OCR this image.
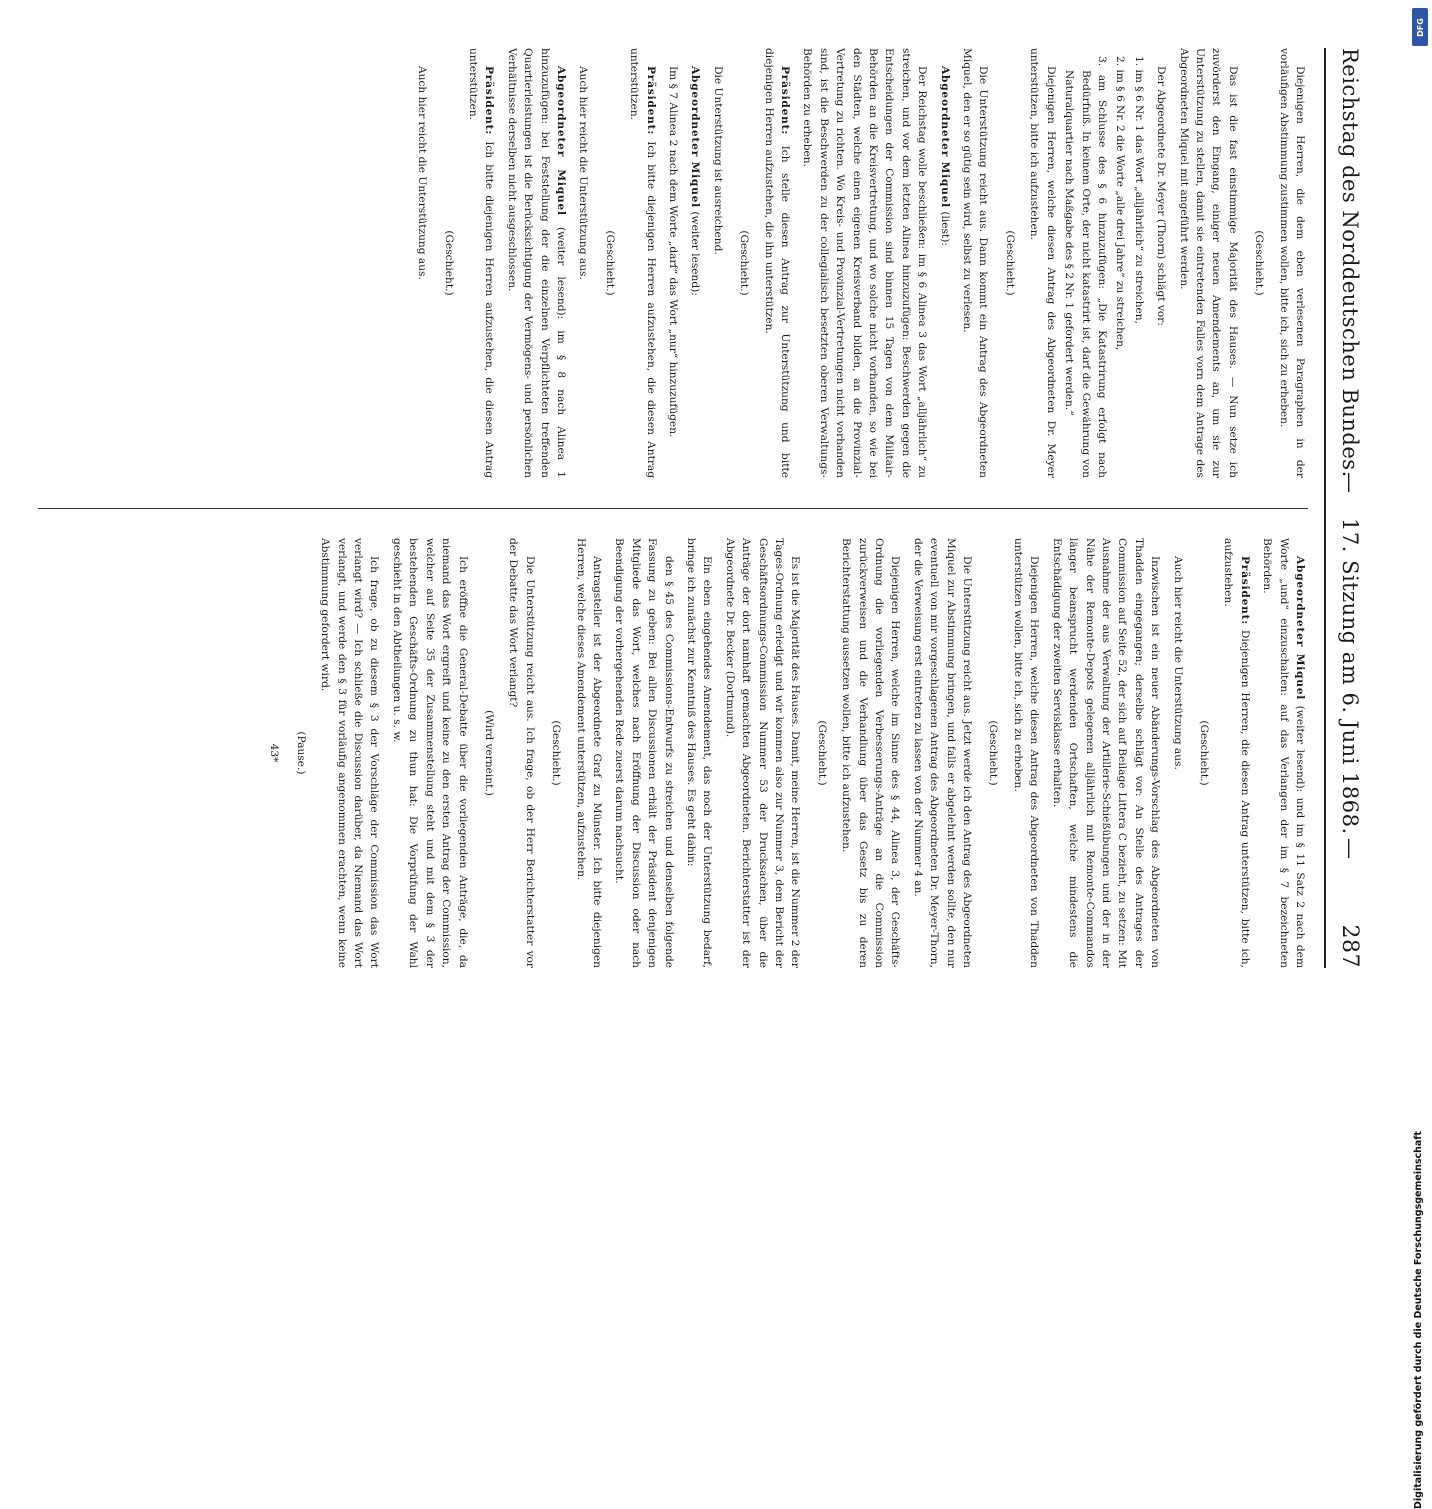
Reichstag des Norddeutschen Bundes.
—
17. Sitzung am 6. Juni 1868.
—
287

Diejenigen Herren, die dem eben verlesenen Paragraphen in der vorläufigen Abstimmung zustimmen wollen, bitte ich, sich zu erheben.

(Geschieht.)

Das ist die fast einstimmige Majorität des Hauses. — Nun setze ich zuvörderst den Eingang, einiger neuen Amendements an, um sie zur Unterstützung zu stellen, damit sie eintretenden Falles vorn dem Antrage des Abgeordneten Miquel mit angeführt werden.

Der Abgeordnete Dr. Meyer (Thorn) schlägt vor:

1. im § 6 Nr. 1 das Wort „alljährlich“ zu streichen,

2. im § 6 Nr. 2 die Worte „alle drei Jahre“ zu streichen,

3. am Schlusse des § 6 hinzuzufügen: „Die Katastrirung erfolgt nach Bedürfniß. In keinem Orte, der nicht katastrirt ist, darf die Gewährung von Naturalquartier nach Maßgabe des § 2 Nr. 1 gefordert werden.“

Diejenigen Herren, welche diesen Antrag des Abgeordneten Dr. Meyer unterstützen, bitte ich aufzustehen.

(Geschieht.)

Die Unterstützung reicht aus. Dann kommt ein Antrag des Abgeordneten Miquel, den er so gütig sein wird, selbst zu verlesen.

Abgeordneter Miquel (liest):

Der Reichstag wolle beschließen: im § 6 Alinea 3 das Wort „alljährlich“ zu streichen, und vor dem letzten Alinea hinzuzufügen: Beschwerden gegen die Entscheidungen der Commission sind binnen 15 Tagen von dem Militair-Behörden an die Kreisvertretung, und wo solche nicht vorhanden, so wie bei den Städten, welche einen eigenen Kreisverband bilden, an die Provinzial-Vertretung zu richten. Wo Kreis- und Provinzial-Vertretungen nicht vorhanden sind, ist die Beschwerden zu der collegialisch besetzten oberen Verwaltungs-Behörden zu erheben.

Präsident: Ich stelle diesen Antrag zur Unterstützung und bitte diejenigen Herren aufzustehen, die ihn unterstützen.

(Geschieht.)

Die Unterstützung ist ausreichend.

Abgeordneter Miquel (weiter lesend):

Im § 7 Alinea 2 nach dem Worte „darf“ das Wort „nur“ hinzuzufügen.

Präsident: Ich bitte diejenigen Herren aufzustehen, die diesen Antrag unterstützen.

(Geschieht.)

Auch hier reicht die Unterstützung aus.

Abgeordneter Miquel (weiter lesend): im § 8 nach Alinea 1 hinzuzufügen: bei Feststellung der die einzelnen Verpflichteten treffenden Quartierleistungen ist die Berücksichtigung der Vermögens- und persönlichen Verhältnisse derselben nicht ausgeschlossen.

Präsident: Ich bitte diejenigen Herren aufzustehen, die diesen Antrag unterstützen.

(Geschieht.)

Auch hier reicht die Unterstützung aus.

Abgeordneter Miquel (weiter lesend): und im § 11 Satz 2 nach dem Worte „und“ einzuschalten: auf das Verlangen der im § 7 bezeichneten Behörden.

Präsident: Diejenigen Herren, die diesen Antrag unterstützen, bitte ich, aufzustehen.

(Geschieht.)

Auch hier reicht die Unterstützung aus.

Inzwischen ist ein neuer Abänderungs-Vorschlag des Abgeordneten von Thadden eingegangen; derselbe schlägt vor: An Stelle des Antrages der Commission auf Seite 52, der sich auf Beilage Littera C bezieht, zu setzen: Mit Ausnahme der aus Verwaltung der Artillerie-Schießübungen und der in der Nähe der Remonte-Depots gelegenen alljährlich mit Remonte-Commandos länger beansprucht werdenden Ortschaften, welche mindestens die Entschädigung der zweiten Servisklasse erhalten.

Diejenigen Herren, welche diesen Antrag des Abgeordneten von Thadden unterstützen wollen, bitte ich, sich zu erheben.

(Geschieht.)

Die Unterstützung reicht aus. Jetzt werde ich den Antrag des Abgeordneten Miquel zur Abstimmung bringen, und falls er abgelehnt werden sollte, den nur eventuell von mir vorgeschlagenen Antrag des Abgeordneten Dr. Meyer-Thorn, der die Verweisung erst eintreten zu lassen von der Nummer 4 an.

Diejenigen Herren, welche im Sinne des § 44, Alinea 3, der Geschäfts-Ordnung die vorliegenden Verbesserungs-Anträge an die Commission zurückverweisen und die Verhandlung über das Gesetz bis zu deren Berichterstattung aussetzen wollen, bitte ich aufzustehen.

(Geschieht.)

Es ist die Majorität des Hauses. Damit, meine Herren, ist die Nummer 2 der Tages-Ordnung erledigt und wir kommen also zur Nummer 3, dem Bericht der Geschäftsordnungs-Commission Nummer 53 der Drucksachen, über die Anträge der dort namhaft gemachten Abgeordneten. Berichterstatter ist der Abgeordnete Dr. Becker (Dortmund).

Ein eben eingehendes Amendement, das noch der Unterstützung bedarf, bringe ich zunächst zur Kenntniß des Hauses. Es geht dahin:

den § 45 des Commissions-Entwurfs zu streichen und denselben folgende Fassung zu geben: Bei allen Discussionen erhält der Präsident denjenigen Mitgliede das Wort, welches nach Eröffnung der Discussion oder nach Beendigung der vorhergehenden Rede zuerst darum nachsucht.

Antragsteller ist der Abgeordnete Graf zu Münster. Ich bitte diejenigen Herren, welche dieses Amendement unterstützen, aufzustehen.

(Geschieht.)

Die Unterstützung reicht aus. Ich frage, ob der Herr Berichterstatter vor der Debatte das Wort verlangt?

(Wird verneint.)

Ich eröffne die General-Debatte über die vorliegenden Anträge, die, da niemand das Wort ergreift und keine zu den ersten Antrag der Commission, welcher auf Seite 35 der Zusammenstellung steht und mit dem § 3 der bestehenden Geschäfts-Ordnung zu thun hat: Die Vorprüfung der Wahl geschieht in den Abtheilungen u. s. w.

Ich frage, ob zu diesem § 3 der Vorschläge der Commission das Wort verlangt wird? — Ich schließe die Discussion darüber, da Niemand das Wort verlangt, und werde den § 3 für vorläufig angenommen erachten, wenn keine Abstimmung gefordert wird.

(Pause.)

43*

Digitalisierung gefördert durch die Deutsche Forschungsgemeinschaft
DFG
